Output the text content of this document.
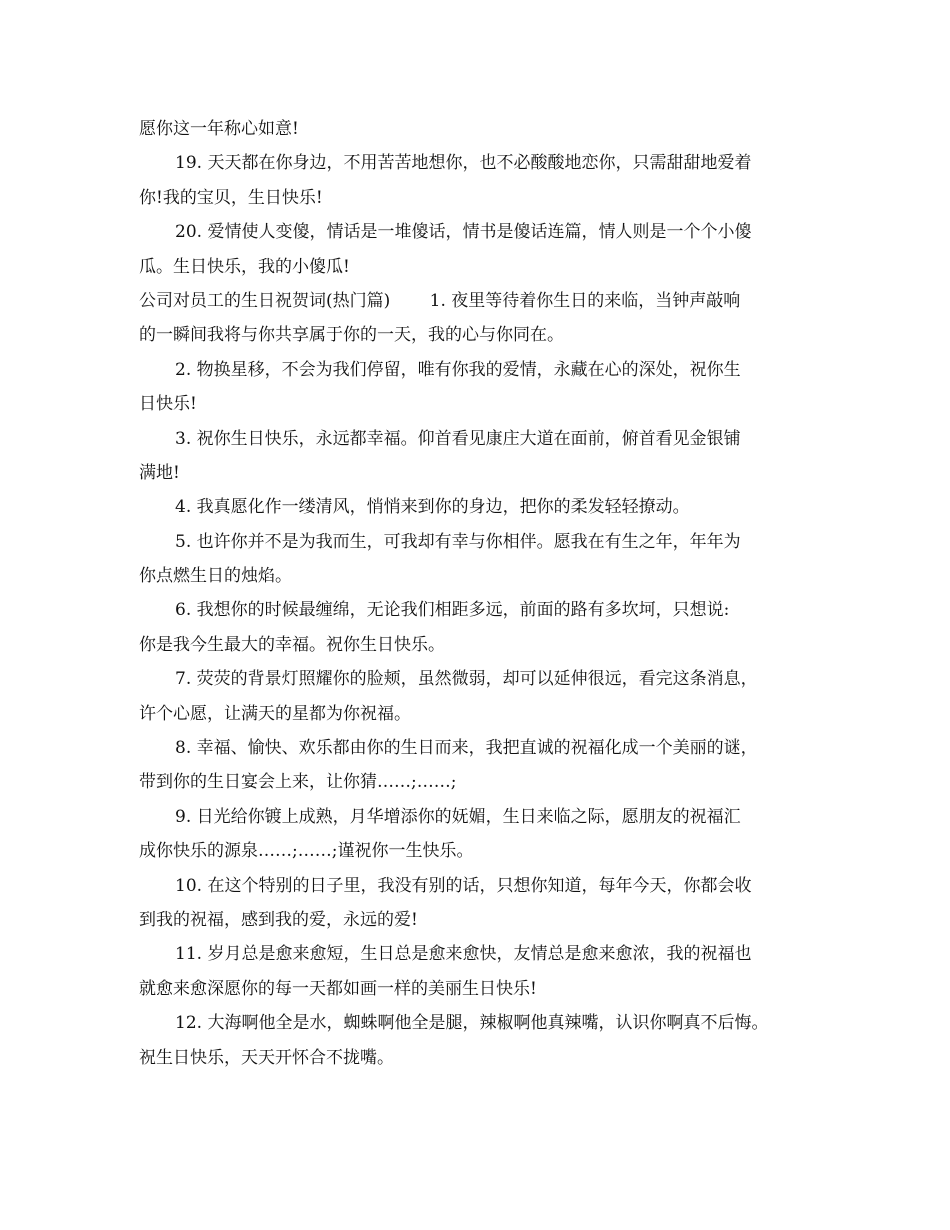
愿你这一年称心如意!
19. 天天都在你身边，不用苦苦地想你，也不必酸酸地恋你，只需甜甜地爱着
你!我的宝贝，生日快乐!
20. 爱情使人变傻，情话是一堆傻话，情书是傻话连篇，情人则是一个个小傻
瓜。生日快乐，我的小傻瓜!
公司对员工的生日祝贺词(热门篇)　　 1. 夜里等待着你生日的来临，当钟声敲响
的一瞬间我将与你共享属于你的一天，我的心与你同在。
2. 物换星移，不会为我们停留，唯有你我的爱情，永藏在心的深处，祝你生
日快乐!
3. 祝你生日快乐，永远都幸福。仰首看见康庄大道在面前，俯首看见金银铺
满地!
4. 我真愿化作一缕清风，悄悄来到你的身边，把你的柔发轻轻撩动。
5. 也许你并不是为我而生，可我却有幸与你相伴。愿我在有生之年，年年为
你点燃生日的烛焰。
6. 我想你的时候最缠绵，无论我们相距多远，前面的路有多坎坷，只想说:
你是我今生最大的幸福。祝你生日快乐。
7. 荧荧的背景灯照耀你的脸颊，虽然微弱，却可以延伸很远，看完这条消息，
许个心愿，让满天的星都为你祝福。
8. 幸福、愉快、欢乐都由你的生日而来，我把直诚的祝福化成一个美丽的谜，
带到你的生日宴会上来，让你猜……;……;
9. 日光给你镀上成熟，月华增添你的妩媚，生日来临之际，愿朋友的祝福汇
成你快乐的源泉……;……;谨祝你一生快乐。
10. 在这个特别的日子里，我没有别的话，只想你知道，每年今天，你都会收
到我的祝福，感到我的爱，永远的爱!
11. 岁月总是愈来愈短，生日总是愈来愈快，友情总是愈来愈浓，我的祝福也
就愈来愈深愿你的每一天都如画一样的美丽生日快乐!
12. 大海啊他全是水，蜘蛛啊他全是腿，辣椒啊他真辣嘴，认识你啊真不后悔。
祝生日快乐，天天开怀合不拢嘴。
